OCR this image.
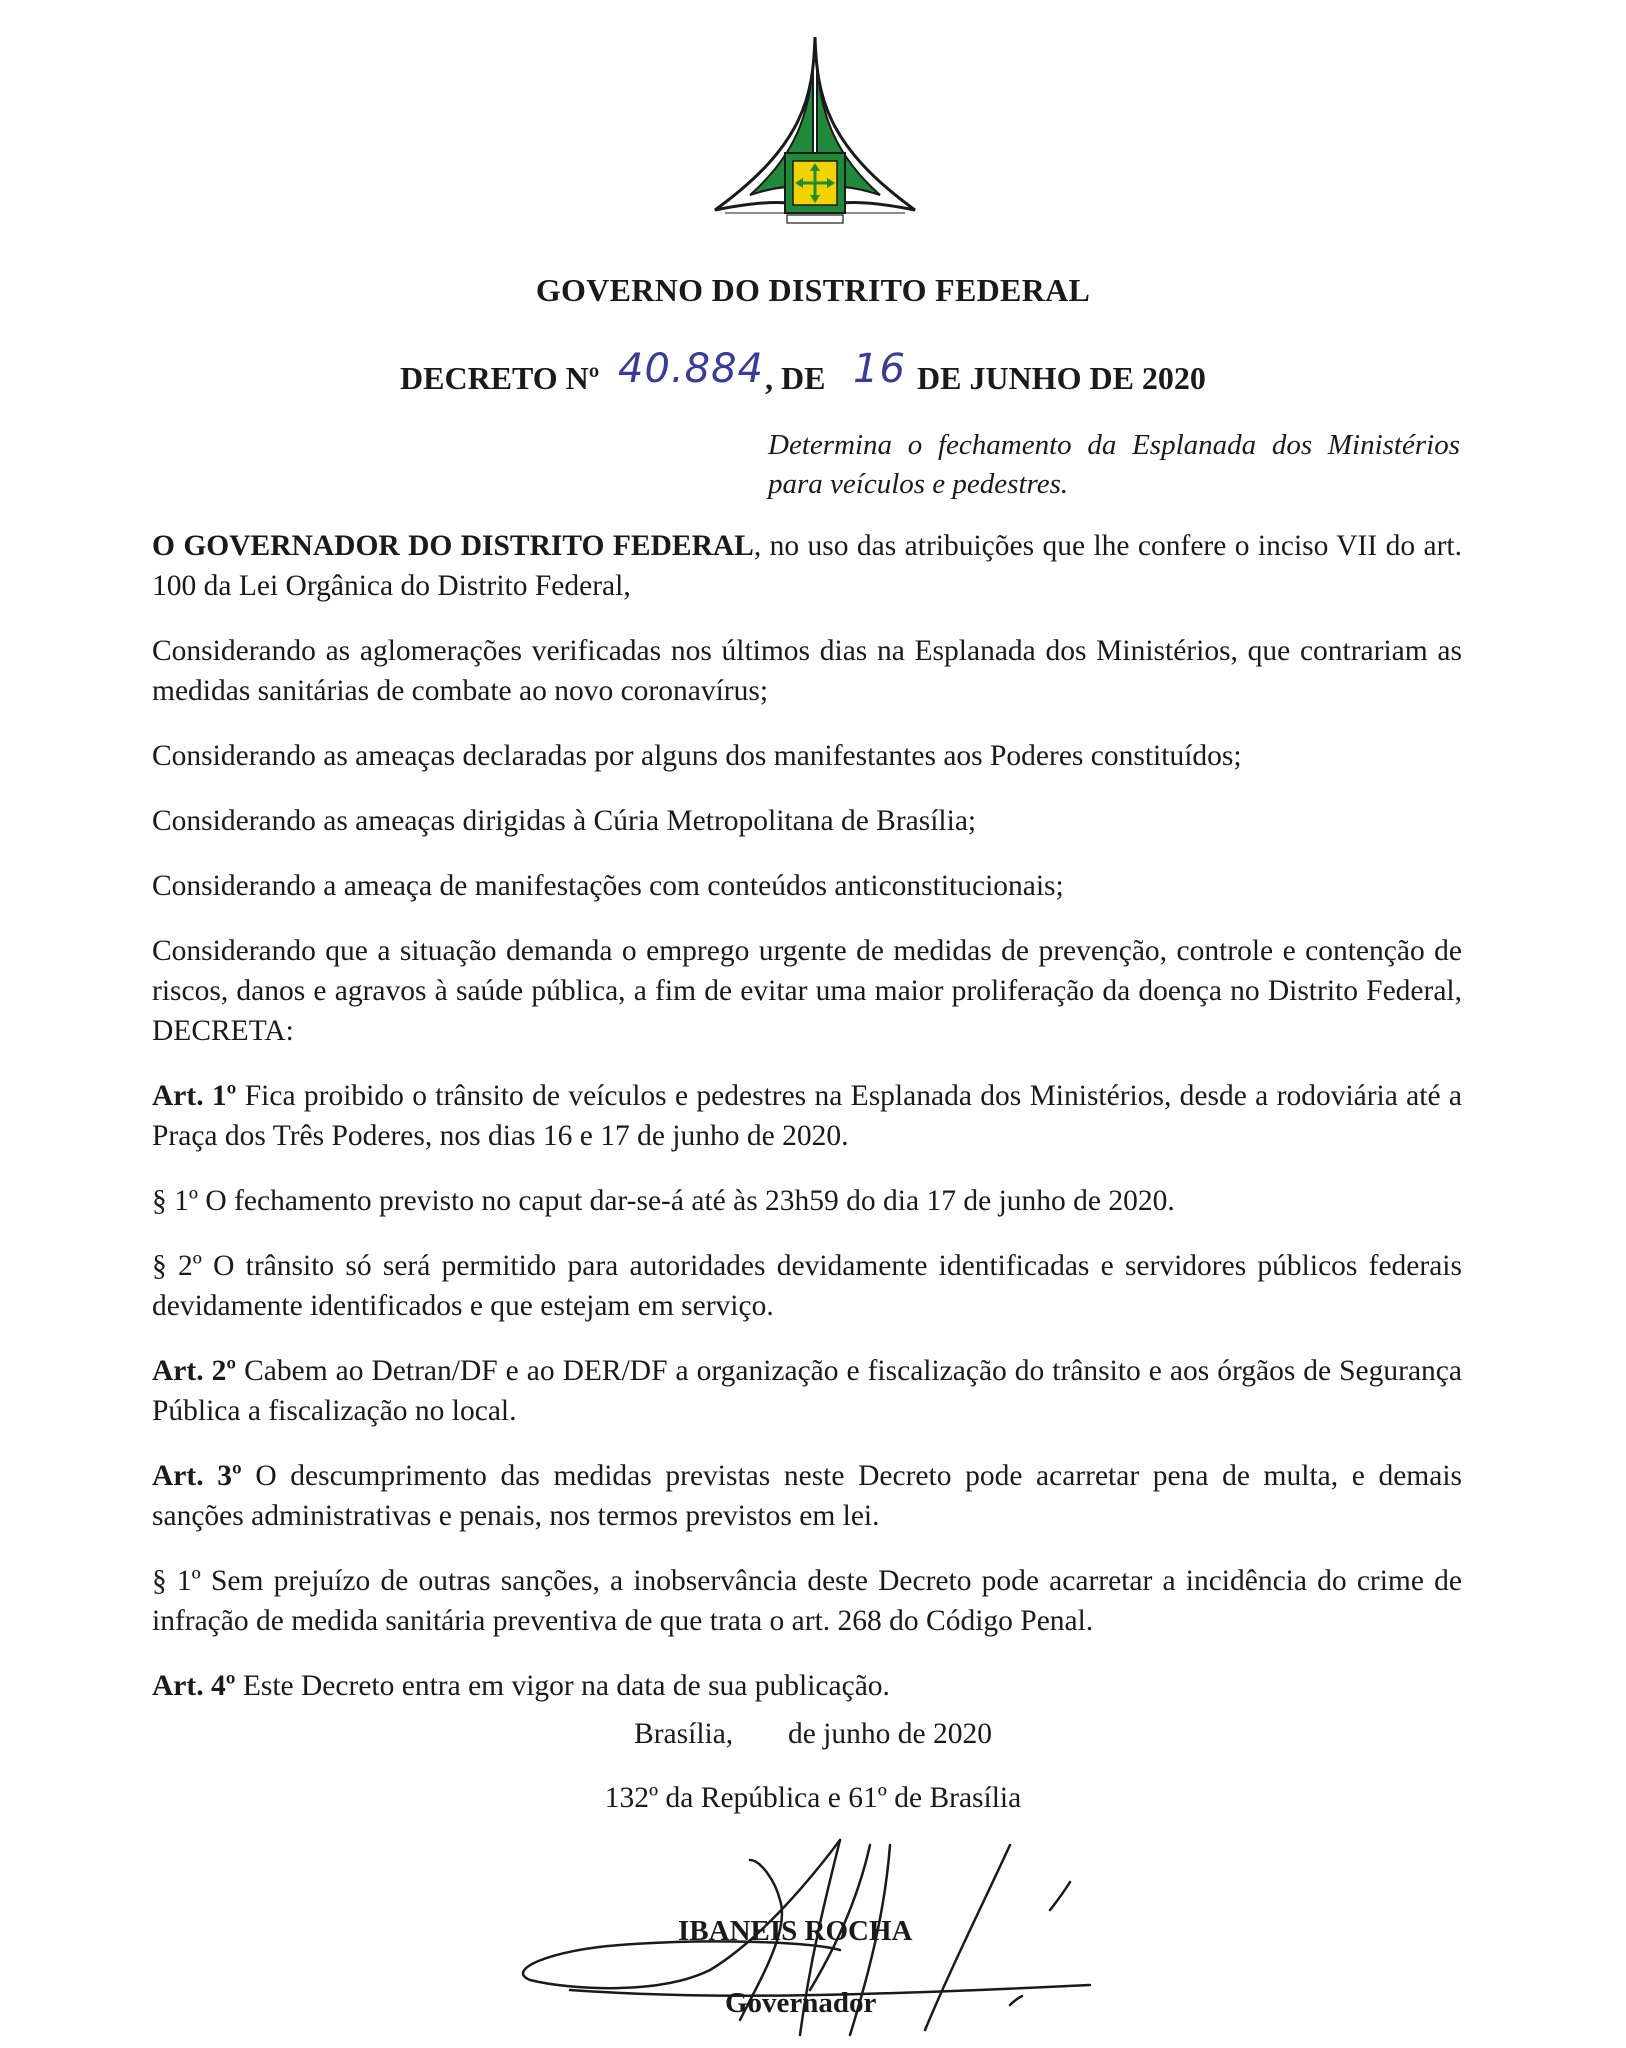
GOVERNO DO DISTRITO FEDERAL
DECRETO Nº 40.884 , DE 16 DE JUNHO DE 2020
Determina o fechamento da Esplanada dos Ministérios para veículos e pedestres.

O GOVERNADOR DO DISTRITO FEDERAL, no uso das atribuições que lhe confere o inciso VII do art. 100 da Lei Orgânica do Distrito Federal,

Considerando as aglomerações verificadas nos últimos dias na Esplanada dos Ministérios, que contrariam as medidas sanitárias de combate ao novo coronavírus;

Considerando as ameaças declaradas por alguns dos manifestantes aos Poderes constituídos;

Considerando as ameaças dirigidas à Cúria Metropolitana de Brasília;

Considerando a ameaça de manifestações com conteúdos anticonstitucionais;

Considerando que a situação demanda o emprego urgente de medidas de prevenção, controle e contenção de riscos, danos e agravos à saúde pública, a fim de evitar uma maior proliferação da doença no Distrito Federal, DECRETA:

Art. 1º Fica proibido o trânsito de veículos e pedestres na Esplanada dos Ministérios, desde a rodoviária até a Praça dos Três Poderes, nos dias 16 e 17 de junho de 2020.

§ 1º O fechamento previsto no caput dar-se-á até às 23h59 do dia 17 de junho de 2020.

§ 2º O trânsito só será permitido para autoridades devidamente identificadas e servidores públicos federais devidamente identificados e que estejam em serviço.

Art. 2º Cabem ao Detran/DF e ao DER/DF a organização e fiscalização do trânsito e aos órgãos de Segurança Pública a fiscalização no local.

Art. 3º O descumprimento das medidas previstas neste Decreto pode acarretar pena de multa, e demais sanções administrativas e penais, nos termos previstos em lei.

§ 1º Sem prejuízo de outras sanções, a inobservância deste Decreto pode acarretar a incidência do crime de infração de medida sanitária preventiva de que trata o art. 268 do Código Penal.

Art. 4º Este Decreto entra em vigor na data de sua publicação.

Brasília, de junho de 2020
132º da República e 61º de Brasília
IBANEIS ROCHA
Governador
